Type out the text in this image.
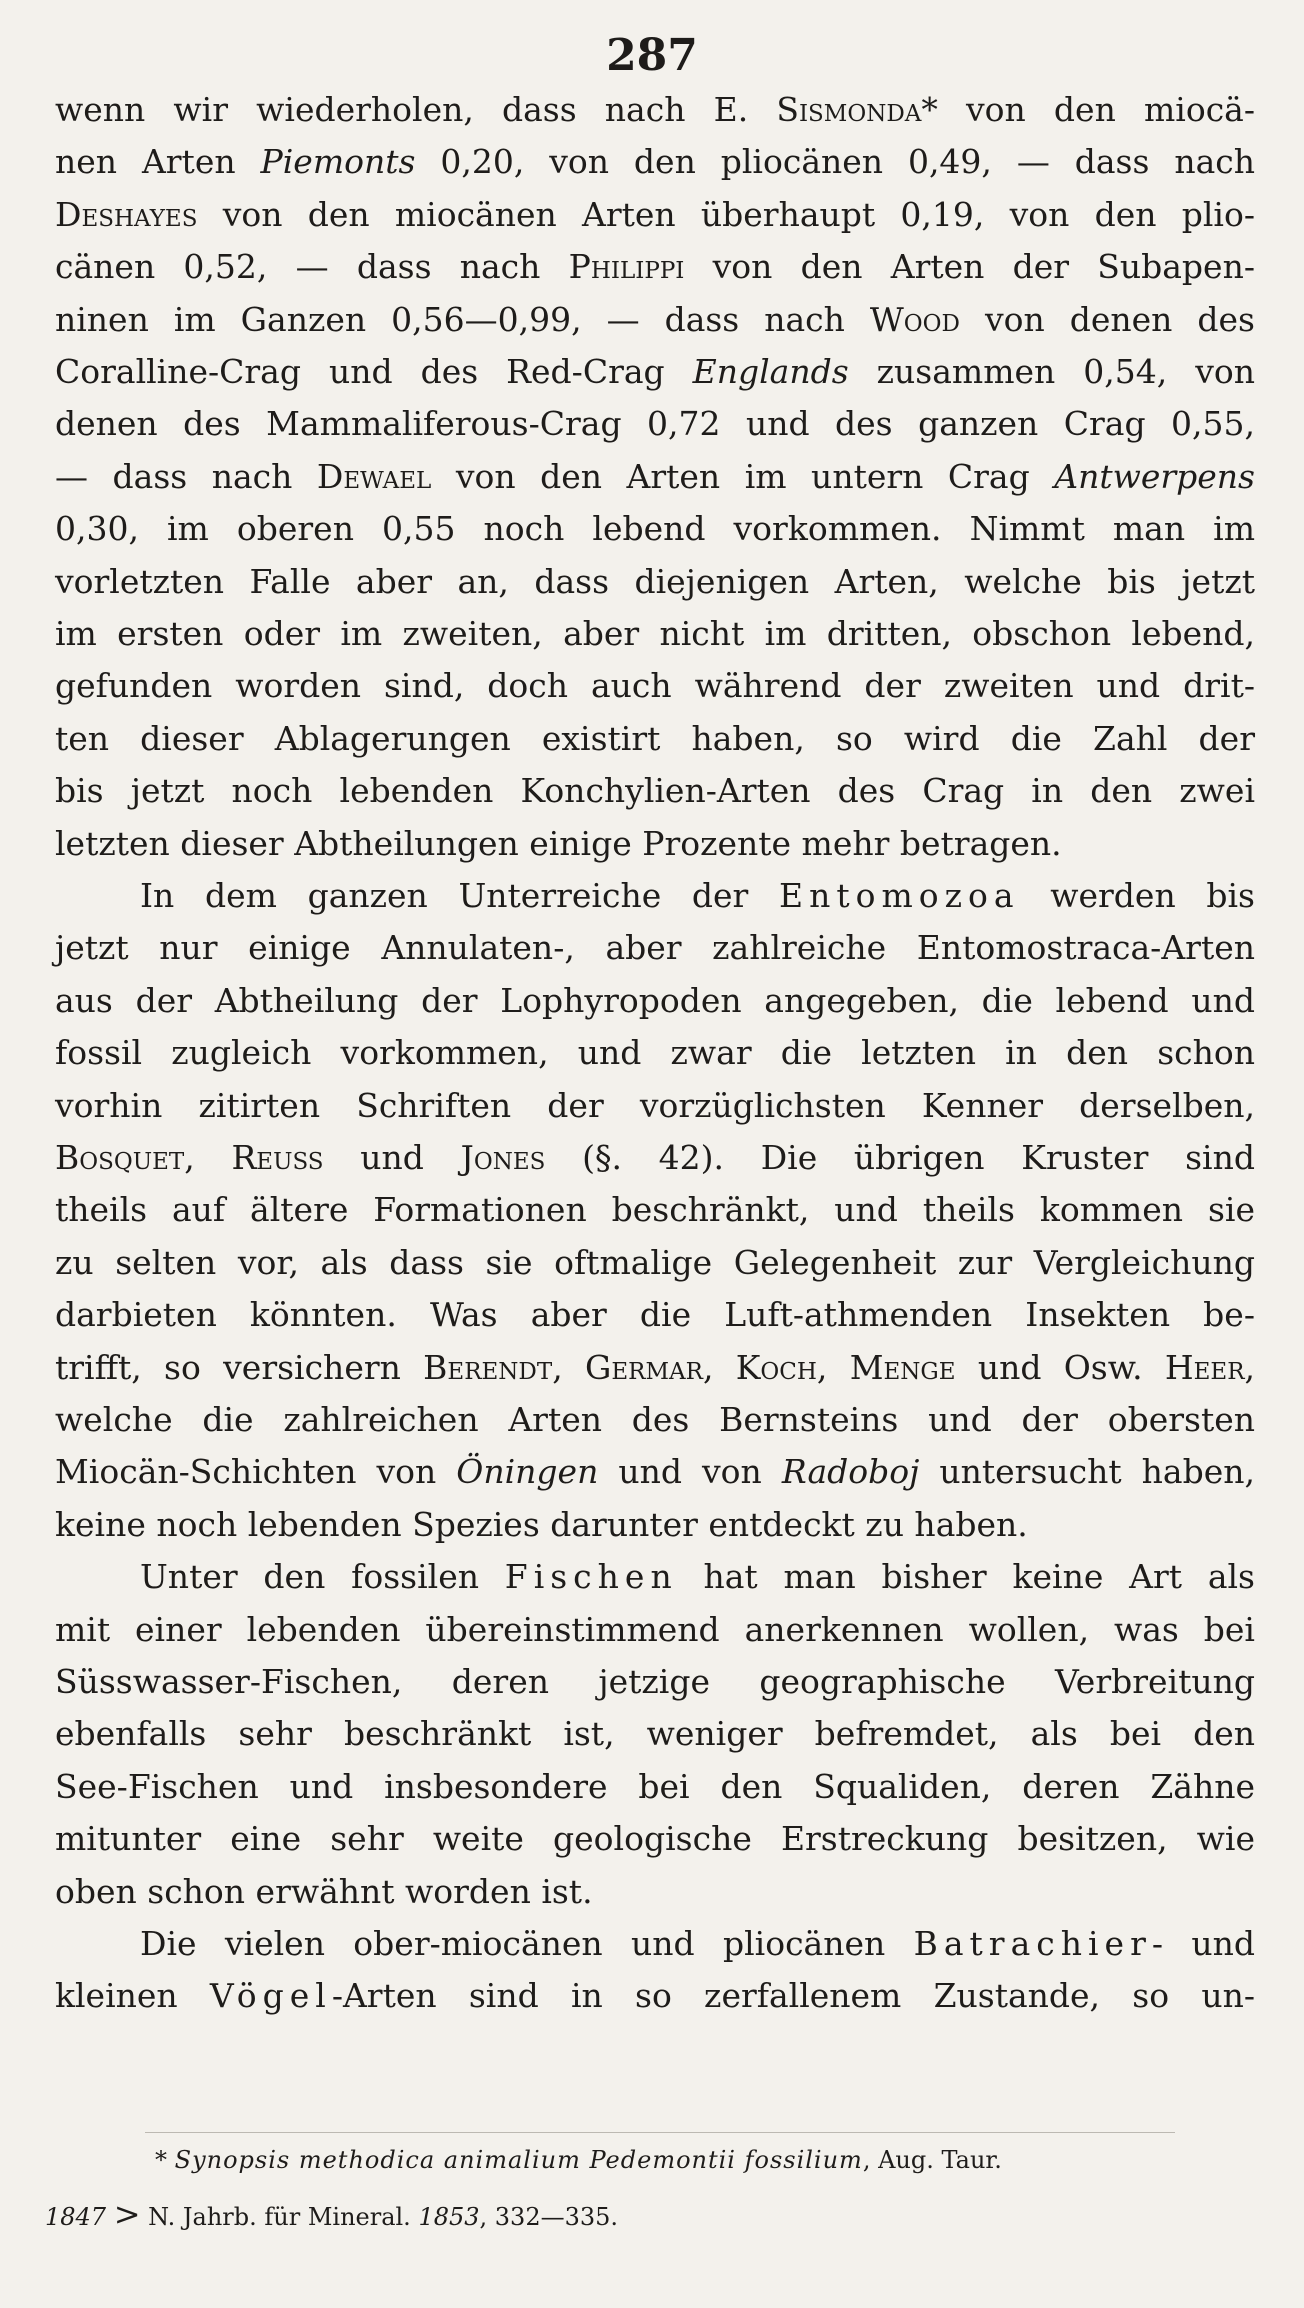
287
wenn wir wiederholen, dass nach E. Sismonda* von den miocä-
nen Arten Piemonts 0,20, von den pliocänen 0,49, — dass nach
Deshayes von den miocänen Arten überhaupt 0,19, von den plio-
cänen 0,52, — dass nach Philippi von den Arten der Subapen-
ninen im Ganzen 0,56—0,99, — dass nach Wood von denen des
Coralline-Crag und des Red-Crag Englands zusammen 0,54, von
denen des Mammaliferous-Crag 0,72 und des ganzen Crag 0,55,
— dass nach Dewael von den Arten im untern Crag Antwerpens
0,30, im oberen 0,55 noch lebend vorkommen. Nimmt man im
vorletzten Falle aber an, dass diejenigen Arten, welche bis jetzt
im ersten oder im zweiten, aber nicht im dritten, obschon lebend,
gefunden worden sind, doch auch während der zweiten und drit-
ten dieser Ablagerungen existirt haben, so wird die Zahl der
bis jetzt noch lebenden Konchylien-Arten des Crag in den zwei
letzten dieser Abtheilungen einige Prozente mehr betragen.
In dem ganzen Unterreiche der Entomozoa werden bis
jetzt nur einige Annulaten-, aber zahlreiche Entomostraca-Arten
aus der Abtheilung der Lophyropoden angegeben, die lebend und
fossil zugleich vorkommen, und zwar die letzten in den schon
vorhin zitirten Schriften der vorzüglichsten Kenner derselben,
Bosquet, Reuss und Jones (§. 42). Die übrigen Kruster sind
theils auf ältere Formationen beschränkt, und theils kommen sie
zu selten vor, als dass sie oftmalige Gelegenheit zur Vergleichung
darbieten könnten. Was aber die Luft-athmenden Insekten be-
trifft, so versichern Berendt, Germar, Koch, Menge und Osw. Heer,
welche die zahlreichen Arten des Bernsteins und der obersten
Miocän-Schichten von Öningen und von Radoboj untersucht haben,
keine noch lebenden Spezies darunter entdeckt zu haben.
Unter den fossilen Fischen hat man bisher keine Art als
mit einer lebenden übereinstimmend anerkennen wollen, was bei
Süsswasser-Fischen, deren jetzige geographische Verbreitung
ebenfalls sehr beschränkt ist, weniger befremdet, als bei den
See-Fischen und insbesondere bei den Squaliden, deren Zähne
mitunter eine sehr weite geologische Erstreckung besitzen, wie
oben schon erwähnt worden ist.
Die vielen ober-miocänen und pliocänen Batrachier- und
kleinen Vögel-Arten sind in so zerfallenem Zustande, so un-
* Synopsis methodica animalium Pedemontii fossilium, Aug. Taur.
1847 > N. Jahrb. für Mineral. 1853, 332—335.
